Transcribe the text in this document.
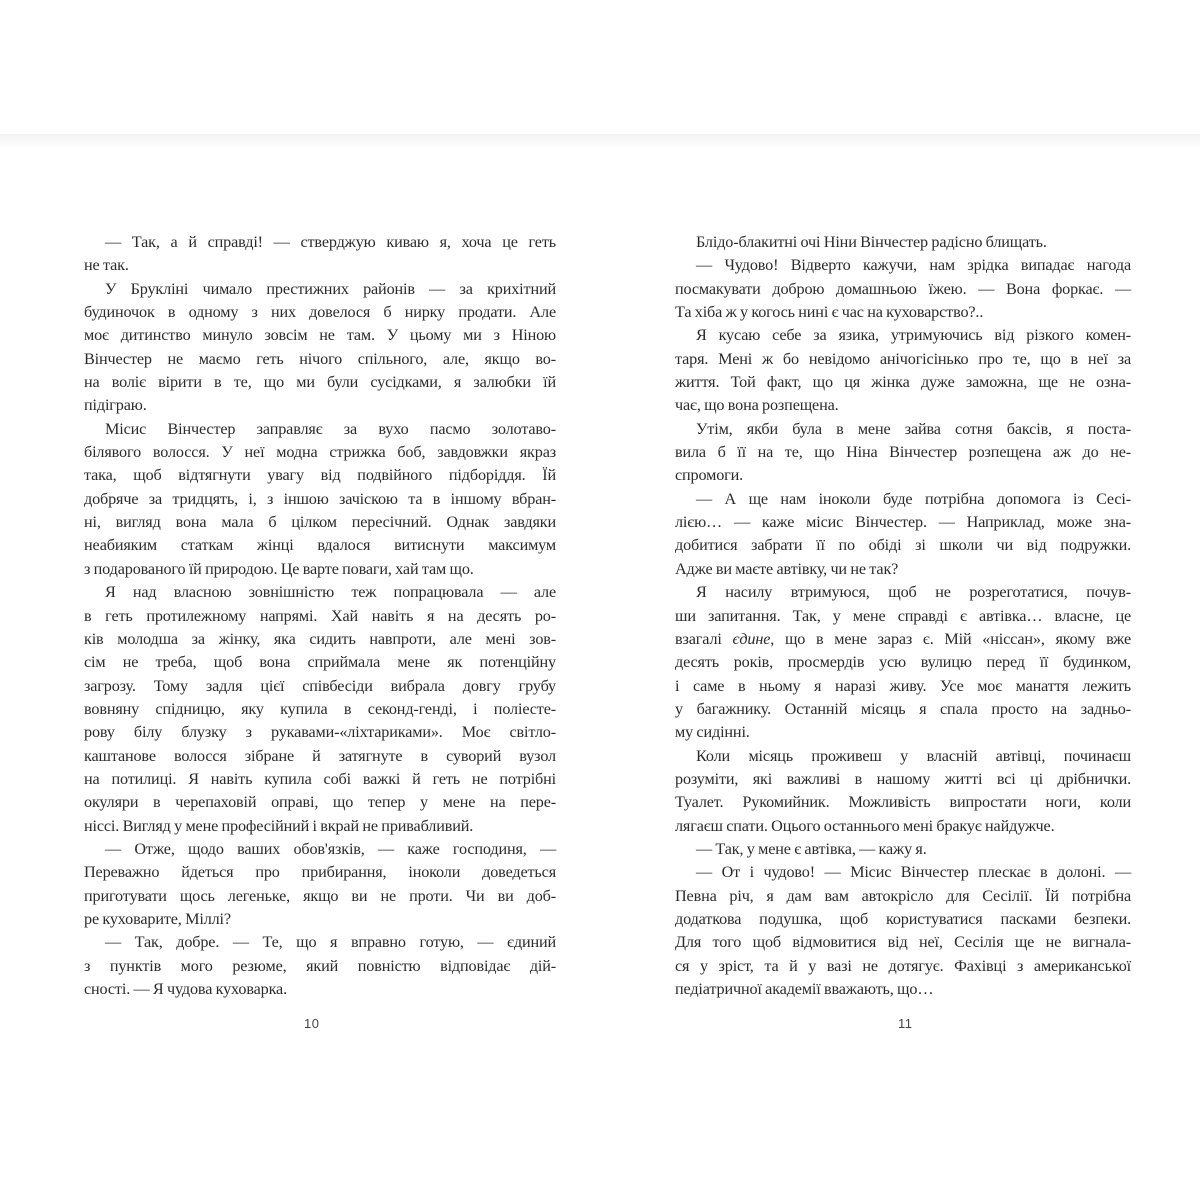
— Так, а й справді! — стверджую киваю я, хоча це геть
не так.
У Брукліні чимало престижних районів — за крихітний
будиночок в одному з них довелося б нирку продати. Але
моє дитинство минуло зовсім не там. У цьому ми з Ніною
Вінчестер не маємо геть нічого спільного, але, якщо во-
на воліє вірити в те, що ми були сусідками, я залюбки їй
підіграю.
Місис Вінчестер заправляє за вухо пасмо золотаво-
білявого волосся. У неї модна стрижка боб, завдовжки якраз
така, щоб відтягнути увагу від подвійного підборіддя. Їй
добряче за тридцять, і, з іншою зачіскою та в іншому вбран-
ні, вигляд вона мала б цілком пересічний. Однак завдяки
неабияким статкам жінці вдалося витиснути максимум
з подарованого їй природою. Це варте поваги, хай там що.
Я над власною зовнішністю теж попрацювала — але
в геть протилежному напрямі. Хай навіть я на десять ро-
ків молодша за жінку, яка сидить навпроти, але мені зов-
сім не треба, щоб вона сприймала мене як потенційну
загрозу. Тому задля цієї співбесіди вибрала довгу грубу
вовняну спідницю, яку купила в секонд-генді, і поліесте-
рову білу блузку з рукавами-«ліхтариками». Моє світло-
каштанове волосся зібране й затягнуте в суворий вузол
на потилиці. Я навіть купила собі важкі й геть не потрібні
окуляри в черепаховій оправі, що тепер у мене на пере-
ніссі. Вигляд у мене професійний і вкрай не привабливий.
— Отже, щодо ваших обов'язків, — каже господиня, —
Переважно йдеться про прибирання, іноколи доведеться
приготувати щось легеньке, якщо ви не проти. Чи ви доб-
ре куховарите, Міллі?
— Так, добре. — Те, що я вправно готую, — єдиний
з пунктів мого резюме, який повністю відповідає дій-
сності. — Я чудова куховарка.
Блідо-блакитні очі Ніни Вінчестер радісно блищать.
— Чудово! Відверто кажучи, нам зрідка випадає нагода
посмакувати доброю домашньою їжею. — Вона форкає. —
Та хіба ж у когось нині є час на куховарство?..
Я кусаю себе за язика, утримуючись від різкого комен-
таря. Мені ж бо невідомо анічогісінько про те, що в неї за
життя. Той факт, що ця жінка дуже заможна, ще не озна-
чає, що вона розпещена.
Утім, якби була в мене зайва сотня баксів, я поста-
вила б її на те, що Ніна Вінчестер розпещена аж до не-
спромоги.
— А ще нам іноколи буде потрібна допомога із Сесі-
лією… — каже місис Вінчестер. — Наприклад, може зна-
добитися забрати її по обіді зі школи чи від подружки.
Адже ви маєте автівку, чи не так?
Я насилу втримуюся, щоб не розреготатися, почув-
ши запитання. Так, у мене справді є автівка… власне, це
взагалі єдине, що в мене зараз є. Мій «ніссан», якому вже
десять років, просмердів усю вулицю перед її будинком,
і саме в ньому я наразі живу. Усе моє манаття лежить
у багажнику. Останній місяць я спала просто на задньо-
му сидінні.
Коли місяць проживеш у власній автівці, починаєш
розуміти, які важливі в нашому житті всі ці дрібнички.
Туалет. Рукомийник. Можливість випростати ноги, коли
лягаєш спати. Оцього останнього мені бракує найдужче.
— Так, у мене є автівка, — кажу я.
— От і чудово! — Місис Вінчестер плескає в долоні. —
Певна річ, я дам вам автокрісло для Сесілії. Їй потрібна
додаткова подушка, щоб користуватися пасками безпеки.
Для того щоб відмовитися від неї, Сесілія ще не вигнала-
ся у зріст, та й у вазі не дотягує. Фахівці з американської
педіатричної академії вважають, що…
10	11
